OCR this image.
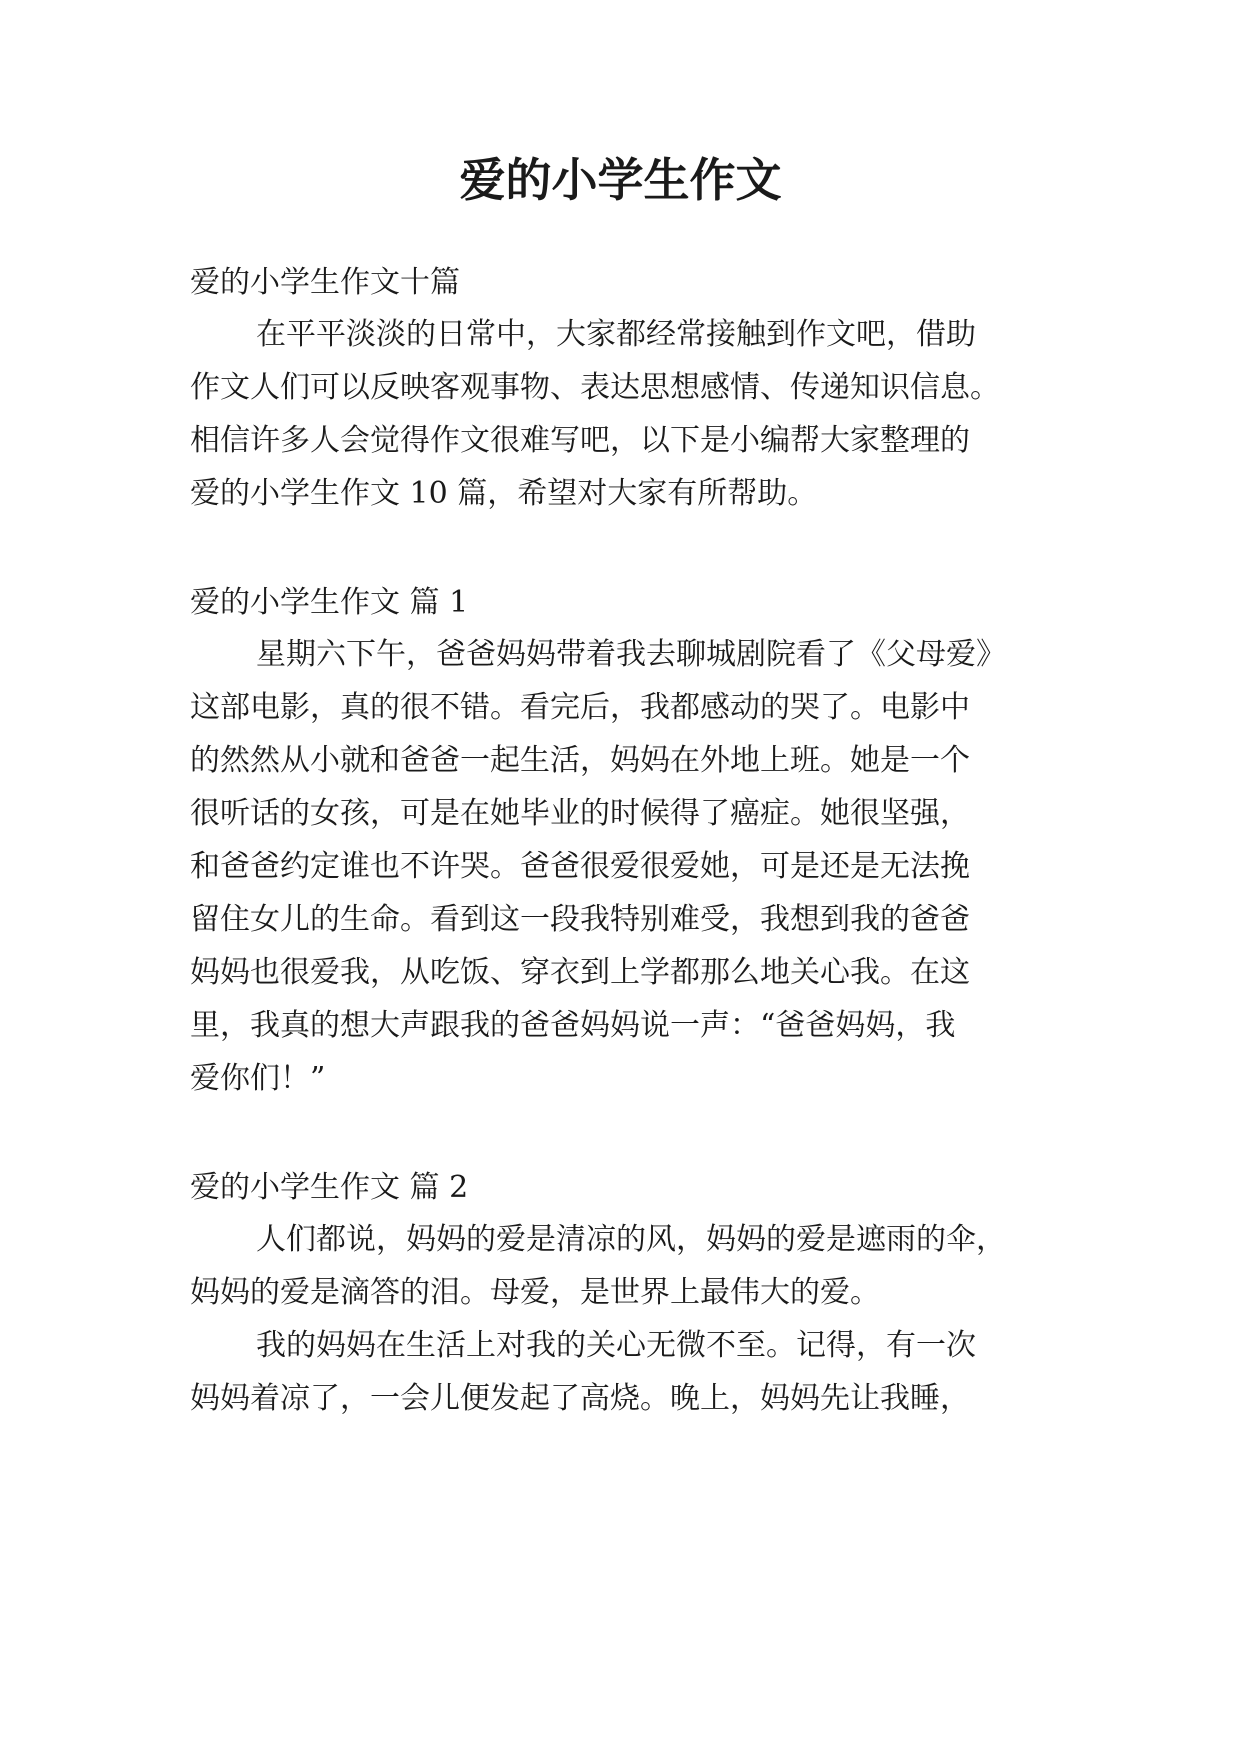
爱的小学生作文

爱的小学生作文十篇

在平平淡淡的日常中，大家都经常接触到作文吧，借助

作文人们可以反映客观事物、表达思想感情、传递知识信息。

相信许多人会觉得作文很难写吧，以下是小编帮大家整理的

爱的小学生作文 10 篇，希望对大家有所帮助。

爱的小学生作文 篇 1

星期六下午，爸爸妈妈带着我去聊城剧院看了《父母爱》

这部电影，真的很不错。看完后，我都感动的哭了。电影中

的然然从小就和爸爸一起生活，妈妈在外地上班。她是一个

很听话的女孩，可是在她毕业的时候得了癌症。她很坚强，

和爸爸约定谁也不许哭。爸爸很爱很爱她，可是还是无法挽

留住女儿的生命。看到这一段我特别难受，我想到我的爸爸

妈妈也很爱我，从吃饭、穿衣到上学都那么地关心我。在这

里，我真的想大声跟我的爸爸妈妈说一声：“爸爸妈妈，我

爱你们！”

爱的小学生作文 篇 2

人们都说，妈妈的爱是清凉的风，妈妈的爱是遮雨的伞，

妈妈的爱是滴答的泪。母爱，是世界上最伟大的爱。

我的妈妈在生活上对我的关心无微不至。记得，有一次

妈妈着凉了，一会儿便发起了高烧。晚上，妈妈先让我睡，
